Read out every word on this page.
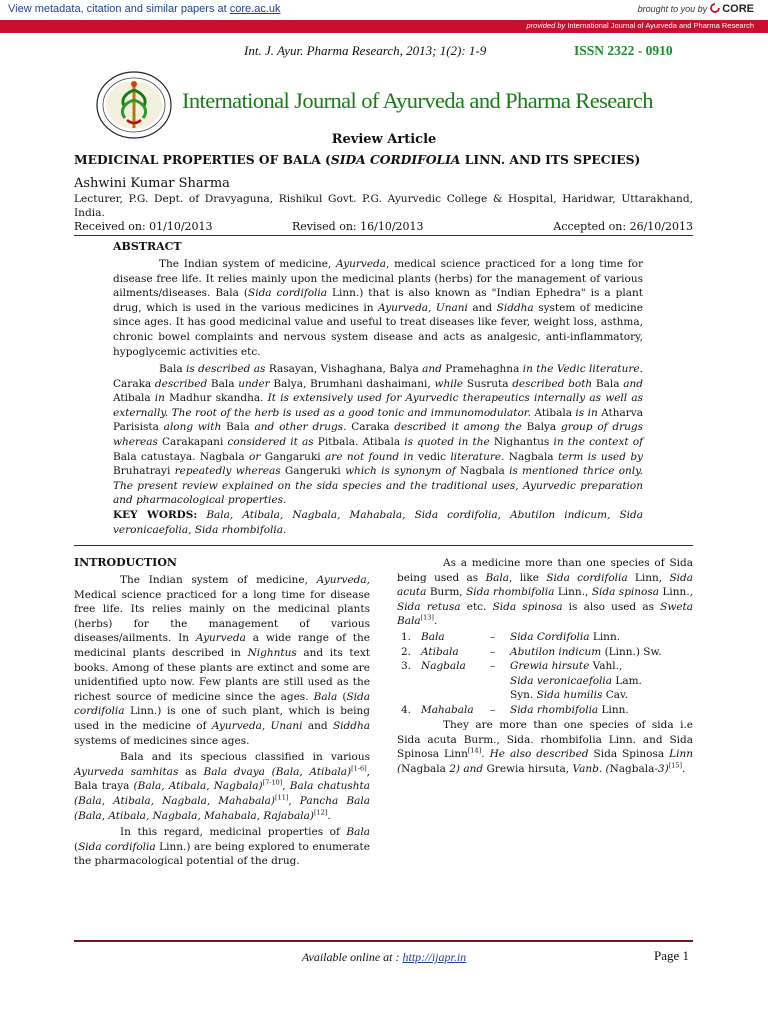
View metadata, citation and similar papers at core.ac.uk	brought to you by CORE
provided by International Journal of Ayurveda and Pharma Research
Int. J. Ayur. Pharma Research, 2013; 1(2): 1-9	ISSN 2322 - 0910
International Journal of Ayurveda and Pharma Research
Review Article
MEDICINAL PROPERTIES OF BALA (SIDA CORDIFOLIA LINN. AND ITS SPECIES)
Ashwini Kumar Sharma
Lecturer, P.G. Dept. of Dravyaguna, Rishikul Govt. P.G. Ayurvedic College & Hospital, Haridwar, Uttarakhand, India.
Received on: 01/10/2013	Revised on: 16/10/2013	Accepted on: 26/10/2013
ABSTRACT

The Indian system of medicine, Ayurveda, medical science practiced for a long time for disease free life. It relies mainly upon the medicinal plants (herbs) for the management of various ailments/diseases. Bala (Sida cordifolia Linn.) that is also known as "Indian Ephedra" is a plant drug, which is used in the various medicines in Ayurveda, Unani and Siddha system of medicine since ages. It has good medicinal value and useful to treat diseases like fever, weight loss, asthma, chronic bowel complaints and nervous system disease and acts as analgesic, anti-inflammatory, hypoglycemic activities etc.

Bala is described as Rasayan, Vishaghana, Balya and Pramehaghna in the Vedic literature. Caraka described Bala under Balya, Brumhani dashaimani, while Susruta described both Bala and Atibala in Madhur skandha. It is extensively used for Ayurvedic therapeutics internally as well as externally. The root of the herb is used as a good tonic and immunomodulator. Atibala is in Atharva Parisista along with Bala and other drugs. Caraka described it among the Balya group of drugs whereas Carakapani considered it as Pitbala. Atibala is quoted in the Nighantus in the context of Bala catustaya. Nagbala or Gangaruki are not found in vedic literature. Nagbala term is used by Bruhatrayi repeatedly whereas Gangeruki which is synonym of Nagbala is mentioned thrice only. The present review explained on the sida species and the traditional uses, Ayurvedic preparation and pharmacological properties.

KEY WORDS: Bala, Atibala, Nagbala, Mahabala, Sida cordifolia, Abutilon indicum, Sida veronicaefolia, Sida rhombifolia.
INTRODUCTION

The Indian system of medicine, Ayurveda, Medical science practiced for a long time for disease free life. Its relies mainly on the medicinal plants (herbs) for the management of various diseases/ailments. In Ayurveda a wide range of the medicinal plants described in Nighntus and its text books. Among of these plants are extinct and some are unidentified upto now. Few plants are still used as the richest source of medicine since the ages. Bala (Sida cordifolia Linn.) is one of such plant, which is being used in the medicine of Ayurveda, Unani and Siddha systems of medicines since ages.

Bala and its specious classified in various Ayurveda samhitas as Bala dvaya (Bala, Atibala)[1-6], Bala traya (Bala, Atibala, Nagbala)[7-10], Bala chatushta (Bala, Atibala, Nagbala, Mahabala)[11], Pancha Bala (Bala, Atibala, Nagbala, Mahabala, Rajabala)[12].

In this regard, medicinal properties of Bala (Sida cordifolia Linn.) are being explored to enumerate the pharmacological potential of the drug.

As a medicine more than one species of Sida being used as Bala, like Sida cordifolia Linn, Sida acuta Burm, Sida rhombifolia Linn., Sida spinosa Linn., Sida retusa etc. Sida spinosa is also used as Sweta Bala[13].

1. Bala	– Sida Cordifolia Linn.
2. Atibala	– Abutilon indicum (Linn.) Sw.
3. Nagbala – Grewia hirsute Vahl.,
Sida veronicaefolia Lam.
Syn. Sida humilis Cav.
4. Mahabala – Sida rhombifolia Linn.

They are more than one species of sida i.e Sida acuta Burm., Sida. rhombifolia Linn. and Sida Spinosa Linn[14]. He also described Sida Spinosa Linn (Nagbala 2) and Grewia hirsuta, Vanb. (Nagbala-3)[15].

Available online at : http://ijapr.in	Page 1
